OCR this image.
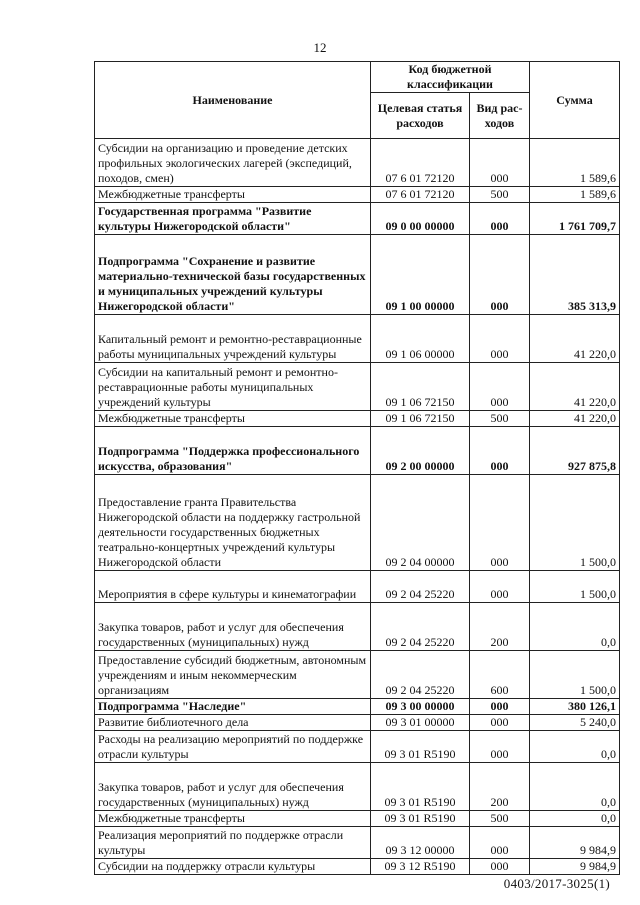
12
Наименование	Код бюджетной классификации		Сумма
	Целевая статья расходов	Вид рас-ходов	
Субсидии на организацию и проведение детских профильных экологических лагерей (экспедиций, походов, смен)	07 6 01 72120	000	1 589,6
Межбюджетные трансферты	07 6 01 72120	500	1 589,6
Государственная программа "Развитие культуры Нижегородской области"	09 0 00 00000	000	1 761 709,7
Подпрограмма "Сохранение и развитие материально-технической базы государственных и муниципальных учреждений культуры Нижегородской области"	09 1 00 00000	000	385 313,9
Капитальный ремонт и ремонтно-реставрационные работы муниципальных учреждений культуры	09 1 06 00000	000	41 220,0
Субсидии на капитальный ремонт и ремонтно-реставрационные работы муниципальных учреждений культуры	09 1 06 72150	000	41 220,0
Межбюджетные трансферты	09 1 06 72150	500	41 220,0
Подпрограмма "Поддержка профессионального искусства, образования"	09 2 00 00000	000	927 875,8
Предоставление гранта Правительства Нижегородской области на поддержку гастрольной деятельности государственных бюджетных театрально-концертных учреждений культуры Нижегородской области	09 2 04 00000	000	1 500,0
Мероприятия в сфере культуры и кинематографии	09 2 04 25220	000	1 500,0
Закупка товаров, работ и услуг для обеспечения государственных (муниципальных) нужд	09 2 04 25220	200	0,0
Предоставление субсидий бюджетным, автономным учреждениям и иным некоммерческим организациям	09 2 04 25220	600	1 500,0
Подпрограмма "Наследие"	09 3 00 00000	000	380 126,1
Развитие библиотечного дела	09 3 01 00000	000	5 240,0
Расходы на реализацию мероприятий по поддержке отрасли культуры	09 3 01 R5190	000	0,0
Закупка товаров, работ и услуг для обеспечения государственных (муниципальных) нужд	09 3 01 R5190	200	0,0
Межбюджетные трансферты	09 3 01 R5190	500	0,0
Реализация мероприятий по поддержке отрасли культуры	09 3 12 00000	000	9 984,9
Субсидии на поддержку отрасли культуры	09 3 12 R5190	000	9 984,9
0403/2017-3025(1)
